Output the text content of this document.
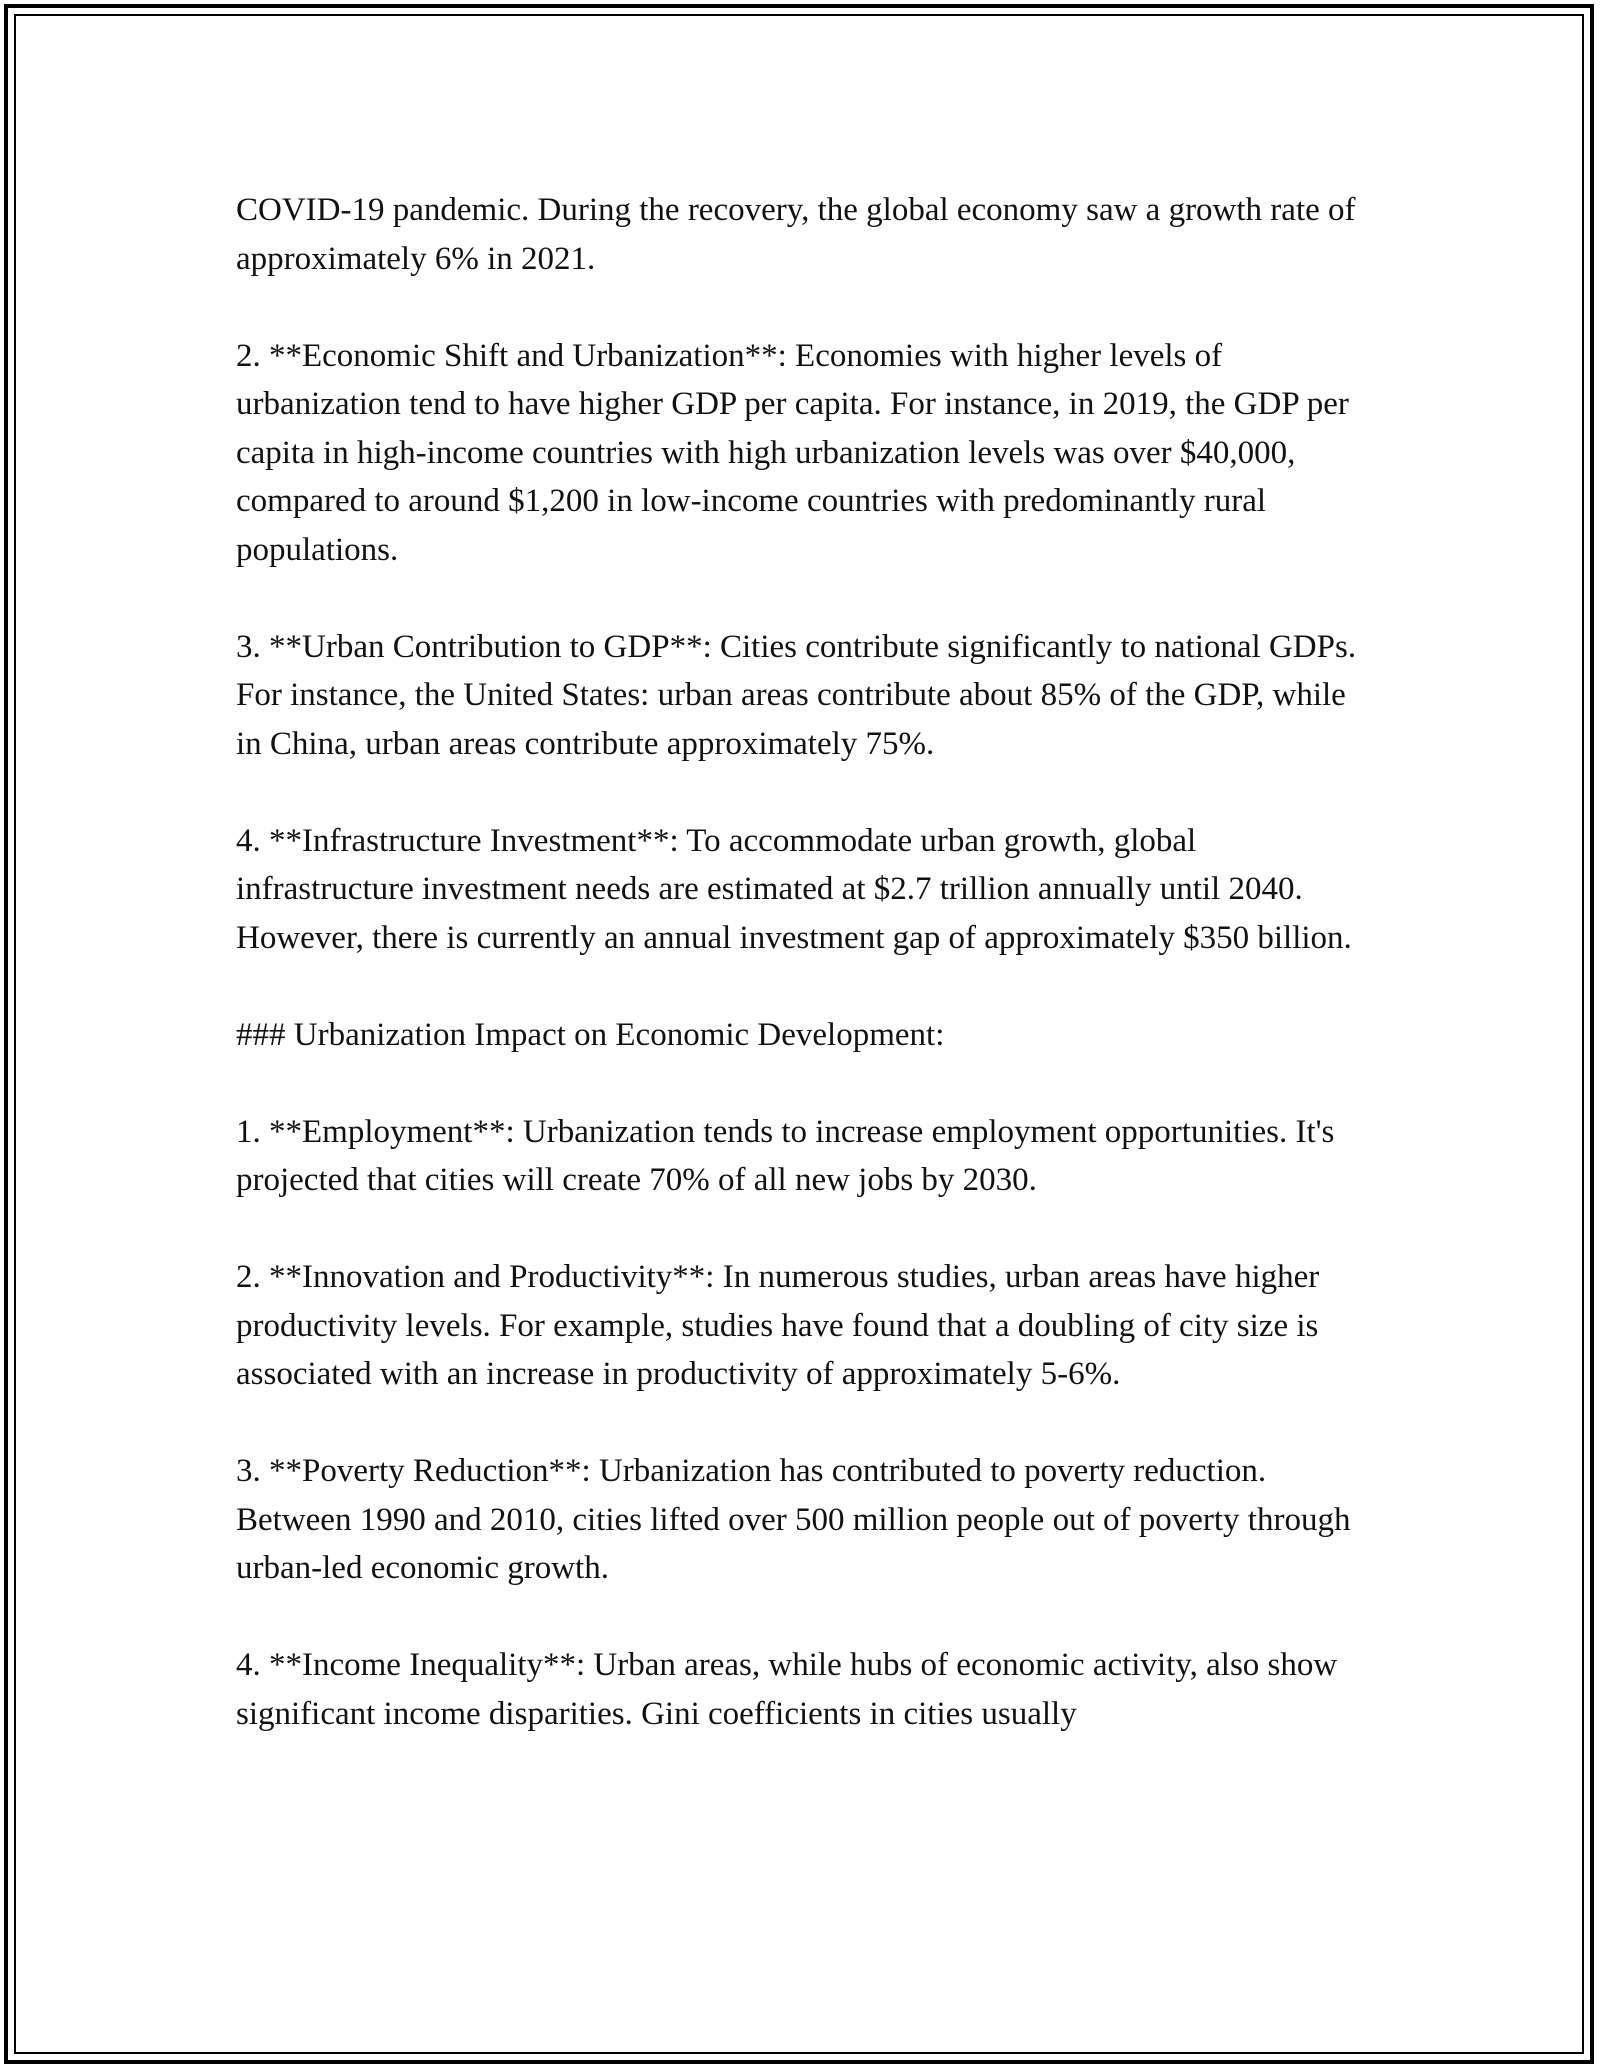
COVID-19 pandemic. During the recovery, the global economy saw a growth rate of approximately 6% in 2021.

2. **Economic Shift and Urbanization**: Economies with higher levels of urbanization tend to have higher GDP per capita. For instance, in 2019, the GDP per capita in high-income countries with high urbanization levels was over $40,000, compared to around $1,200 in low-income countries with predominantly rural populations.

3. **Urban Contribution to GDP**: Cities contribute significantly to national GDPs. For instance, the United States: urban areas contribute about 85% of the GDP, while in China, urban areas contribute approximately 75%.

4. **Infrastructure Investment**: To accommodate urban growth, global infrastructure investment needs are estimated at $2.7 trillion annually until 2040. However, there is currently an annual investment gap of approximately $350 billion.

### Urbanization Impact on Economic Development:

1. **Employment**: Urbanization tends to increase employment opportunities. It's projected that cities will create 70% of all new jobs by 2030.

2. **Innovation and Productivity**: In numerous studies, urban areas have higher productivity levels. For example, studies have found that a doubling of city size is associated with an increase in productivity of approximately 5-6%.

3. **Poverty Reduction**: Urbanization has contributed to poverty reduction. Between 1990 and 2010, cities lifted over 500 million people out of poverty through urban-led economic growth.

4. **Income Inequality**: Urban areas, while hubs of economic activity, also show significant income disparities. Gini coefficients in cities usually
